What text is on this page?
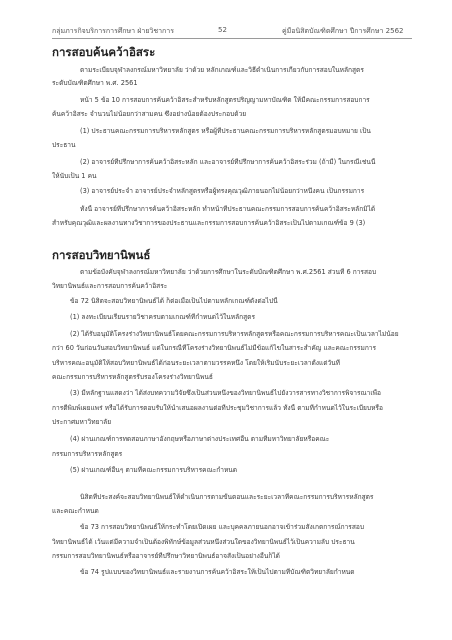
กลุ่มภารกิจบริการการศึกษา ฝ่ายวิชาการ	52	คู่มือนิสิตบัณฑิตศึกษา ปีการศึกษา 2562
การสอบค้นคว้าอิสระ
ตามระเบียบจุฬาลงกรณ์มหาวิทยาลัย ว่าด้วย หลักเกณฑ์และวิธีดำเนินการเกี่ยวกับการสอบในหลักสูตร
ระดับบัณฑิตศึกษา พ.ศ. 2561
หน้า 5 ข้อ 10 การสอบการค้นคว้าอิสระสำหรับหลักสูตรปริญญามหาบัณฑิต ให้มีคณะกรรมการสอบการ
ค้นคว้าอิสระ จำนวนไม่น้อยกว่าสามคน ซึ่งอย่างน้อยต้องประกอบด้วย
(1) ประธานคณะกรรมการบริหารหลักสูตร หรือผู้ที่ประธานคณะกรรมการบริหารหลักสูตรมอบหมาย เป็น
ประธาน
(2) อาจารย์ที่ปรึกษาการค้นคว้าอิสระหลัก และอาจารย์ที่ปรึกษาการค้นคว้าอิสระร่วม (ถ้ามี) ในกรณีเช่นนี้
ให้นับเป็น 1 คน
(3) อาจารย์ประจำ อาจารย์ประจำหลักสูตรหรือผู้ทรงคุณวุฒิภายนอกไม่น้อยกว่าหนึ่งคน เป็นกรรมการ
ทั้งนี้ อาจารย์ที่ปรึกษาการค้นคว้าอิสระหลัก ทำหน้าที่ประธานคณะกรรมการสอบการค้นคว้าอิสระหลักมิได้
สำหรับคุณวุฒิและผลงานทางวิชาการของประธานและกรรมการสอบการค้นคว้าอิสระเป็นไปตามเกณฑ์ข้อ 9 (3)
การสอบวิทยานิพนธ์
ตามข้อบังคับจุฬาลงกรณ์มหาวิทยาลัย ว่าด้วยการศึกษาในระดับบัณฑิตศึกษา พ.ศ.2561 ส่วนที่ 6 การสอบ
วิทยานิพนธ์และการสอบการค้นคว้าอิสระ
ข้อ 72 นิสิตจะสอบวิทยานิพนธ์ได้ ก็ต่อเมื่อเป็นไปตามหลักเกณฑ์ดังต่อไปนี้
(1) ลงทะเบียนเรียนรายวิชาครบตามเกณฑ์ที่กำหนดไว้ในหลักสูตร
(2) ได้รับอนุมัติโครงร่างวิทยานิพนธ์โดยคณะกรรมการบริหารหลักสูตรหรือคณะกรรมการบริหารคณะเป็นเวลาไม่น้อย
กว่า 60 วันก่อนวันสอบวิทยานิพนธ์ แต่ในกรณีที่โครงร่างวิทยานิพนธ์ไม่มีข้อแก้ไขในสาระสำคัญ และคณะกรรมการ
บริหารคณะอนุมัติให้สอบวิทยานิพนธ์ได้ก่อนระยะเวลาตามวรรคหนึ่ง โดยให้เริ่มนับระยะเวลาตั้งแต่วันที่
คณะกรรมการบริหารหลักสูตรรับรองโครงร่างวิทยานิพนธ์
(3) มีหลักฐานแสดงว่า ได้ส่งบทความวิจัยซึ่งเป็นส่วนหนึ่งของวิทยานิพนธ์ไปยังวารสารทางวิชาการพิจารณาเพื่อ
การตีพิมพ์เผยแพร่ หรือได้รับการตอบรับให้นำเสนอผลงานต่อที่ประชุมวิชาการแล้ว ทั้งนี้ ตามที่กำหนดไว้ในระเบียบหรือ
ประกาศมหาวิทยาลัย
(4) ผ่านเกณฑ์การทดสอบภาษาอังกฤษหรือภาษาต่างประเทศอื่น ตามที่มหาวิทยาลัยหรือคณะ
กรรมการบริหารหลักสูตร
(5) ผ่านเกณฑ์อื่นๆ ตามที่คณะกรรมการบริหารคณะกำหนด
นิสิตที่ประสงค์จะสอบวิทยานิพนธ์ให้ดำเนินการตามขั้นตอนและระยะเวลาที่คณะกรรมการบริหารหลักสูตร
และคณะกำหนด
ข้อ 73 การสอบวิทยานิพนธ์ให้กระทำโดยเปิดเผย และบุคคลภายนอกอาจเข้าร่วมสังเกตการณ์การสอบ
วิทยานิพนธ์ได้ เว้นแต่มีความจำเป็นต้องพิทักษ์ข้อมูลส่วนหนึ่งส่วนใดของวิทยานิพนธ์ไว้เป็นความลับ ประธาน
กรรมการสอบวิทยานิพนธ์หรืออาจารย์ที่ปรึกษาวิทยานิพนธ์อาจสั่งเป็นอย่างอื่นก็ได้
ข้อ 74 รูปแบบของวิทยานิพนธ์และรายงานการค้นคว้าอิสระให้เป็นไปตามที่บัณฑิตวิทยาลัยกำหนด
